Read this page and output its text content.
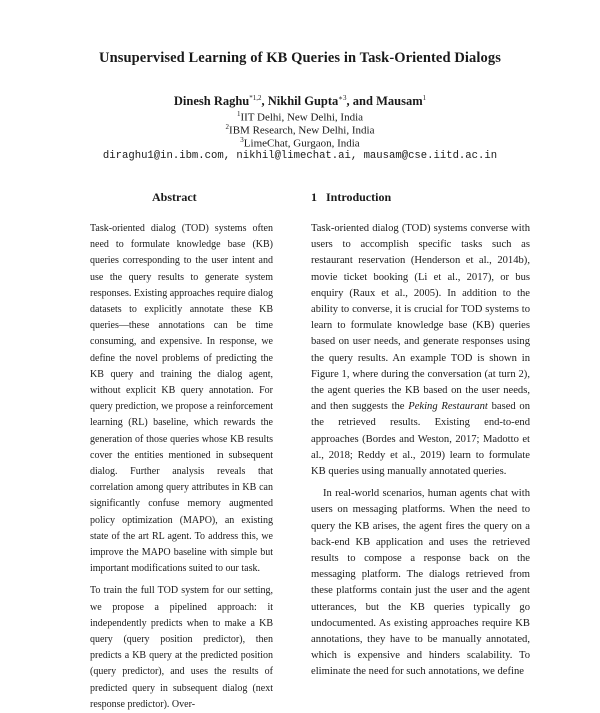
Unsupervised Learning of KB Queries in Task-Oriented Dialogs
Dinesh Raghu$^{*1,2}$, Nikhil Gupta$^{∗3}$, and Mausam$^1$
$^1$IIT Delhi, New Delhi, India
$^2$IBM Research, New Delhi, India
$^3$LimeChat, Gurgaon, India
diraghu1@in.ibm.com, nikhil@limechat.ai, mausam@cse.iitd.ac.in
Abstract	1 Introduction

Task-oriented dialog (TOD) systems often need to formulate knowledge base (KB) queries corresponding to the user intent and use the query results to generate system responses. Existing approaches require dialog datasets to explicitly annotate these KB queries—these annotations can be time consuming, and expensive. In response, we define the novel problems of predicting the KB query and training the dialog agent, without explicit KB query annotation. For query prediction, we propose a reinforcement learning (RL) baseline, which rewards the generation of those queries whose KB results cover the entities mentioned in subsequent dialog. Further analysis reveals that correlation among query attributes in KB can significantly confuse memory augmented policy optimization (MAPO), an existing state of the art RL agent. To address this, we improve the MAPO baseline with simple but important modifications suited to our task.

To train the full TOD system for our setting, we propose a pipelined approach: it independently predicts when to make a KB query (query position predictor), then predicts a KB query at the predicted position (query predictor), and uses the results of predicted query in subsequent dialog (next response predictor). Over-

Task-oriented dialog (TOD) systems converse with users to accomplish specific tasks such as restaurant reservation (Henderson et al., 2014b), movie ticket booking (Li et al., 2017), or bus enquiry (Raux et al., 2005). In addition to the ability to converse, it is crucial for TOD systems to learn to formulate knowledge base (KB) queries based on user needs, and generate responses using the query results. An example TOD is shown in Figure 1, where during the conversation (at turn 2), the agent queries the KB based on the user needs, and then suggests the Peking Restaurant based on the retrieved results. Existing end-to-end approaches (Bordes and Weston, 2017; Madotto et al., 2018; Reddy et al., 2019) learn to formulate KB queries using manually annotated queries.

In real-world scenarios, human agents chat with users on messaging platforms. When the need to query the KB arises, the agent fires the query on a back-end KB application and uses the retrieved results to compose a response back on the messaging platform. The dialogs retrieved from these platforms contain just the user and the agent utterances, but the KB queries typically go undocumented. As existing approaches require KB annotations, they have to be manually annotated, which is expensive and hinders scalability. To eliminate the need for such annotations, we define
